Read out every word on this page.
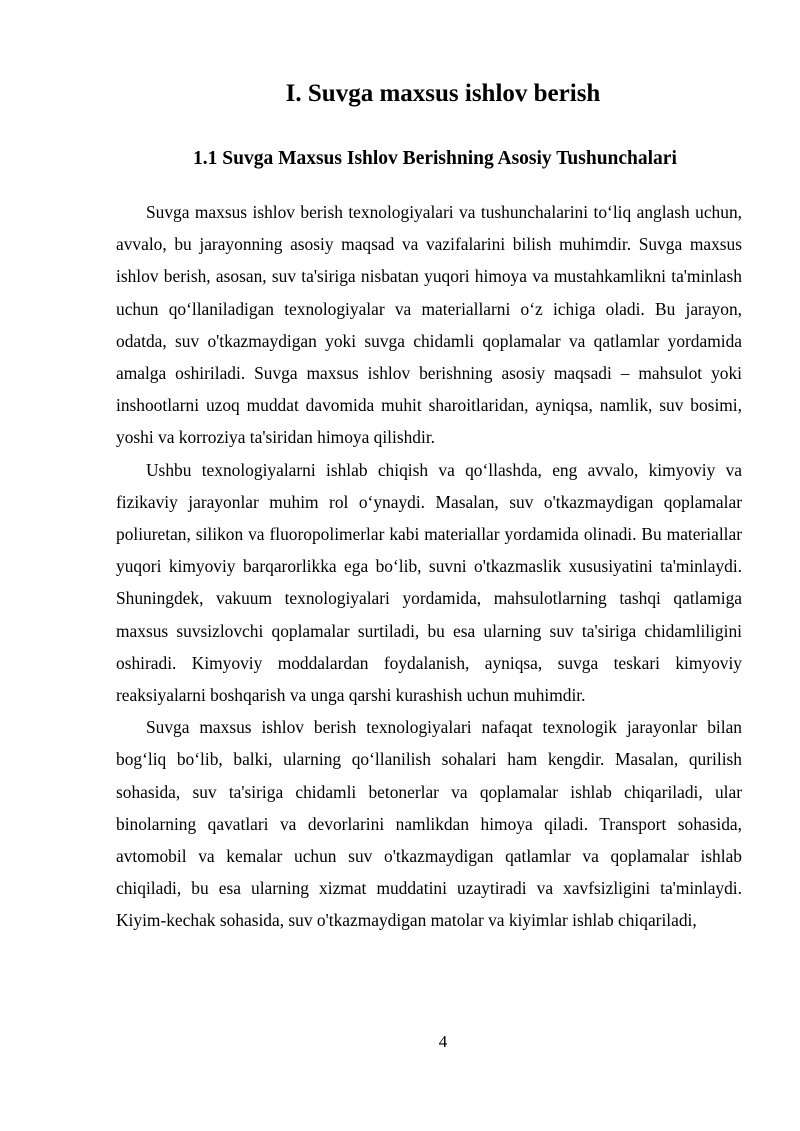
I. Suvga maxsus ishlov berish
1.1 Suvga Maxsus Ishlov Berishning Asosiy Tushunchalari

Suvga maxsus ishlov berish texnologiyalari va tushunchalarini to‘liq anglash uchun, avvalo, bu jarayonning asosiy maqsad va vazifalarini bilish muhimdir. Suvga maxsus ishlov berish, asosan, suv ta'siriga nisbatan yuqori himoya va mustahkamlikni ta'minlash uchun qo‘llaniladigan texnologiyalar va materiallarni o‘z ichiga oladi. Bu jarayon, odatda, suv o'tkazmaydigan yoki suvga chidamli qoplamalar va qatlamlar yordamida amalga oshiriladi. Suvga maxsus ishlov berishning asosiy maqsadi – mahsulot yoki inshootlarni uzoq muddat davomida muhit sharoitlaridan, ayniqsa, namlik, suv bosimi, yoshi va korroziya ta'siridan himoya qilishdir.

Ushbu texnologiyalarni ishlab chiqish va qo‘llashda, eng avvalo, kimyoviy va fizikaviy jarayonlar muhim rol o‘ynaydi. Masalan, suv o'tkazmaydigan qoplamalar poliuretan, silikon va fluoropolimerlar kabi materiallar yordamida olinadi. Bu materiallar yuqori kimyoviy barqarorlikka ega bo‘lib, suvni o'tkazmaslik xususiyatini ta'minlaydi. Shuningdek, vakuum texnologiyalari yordamida, mahsulotlarning tashqi qatlamiga maxsus suvsizlovchi qoplamalar surtiladi, bu esa ularning suv ta'siriga chidamliligini oshiradi. Kimyoviy moddalardan foydalanish, ayniqsa, suvga teskari kimyoviy reaksiyalarni boshqarish va unga qarshi kurashish uchun muhimdir.

Suvga maxsus ishlov berish texnologiyalari nafaqat texnologik jarayonlar bilan bog‘liq bo‘lib, balki, ularning qo‘llanilish sohalari ham kengdir. Masalan, qurilish sohasida, suv ta'siriga chidamli betonerlar va qoplamalar ishlab chiqariladi, ular binolarning qavatlari va devorlarini namlikdan himoya qiladi. Transport sohasida, avtomobil va kemalar uchun suv o'tkazmaydigan qatlamlar va qoplamalar ishlab chiqiladi, bu esa ularning xizmat muddatini uzaytiradi va xavfsizligini ta'minlaydi. Kiyim-kechak sohasida, suv o'tkazmaydigan matolar va kiyimlar ishlab chiqariladi,

4
